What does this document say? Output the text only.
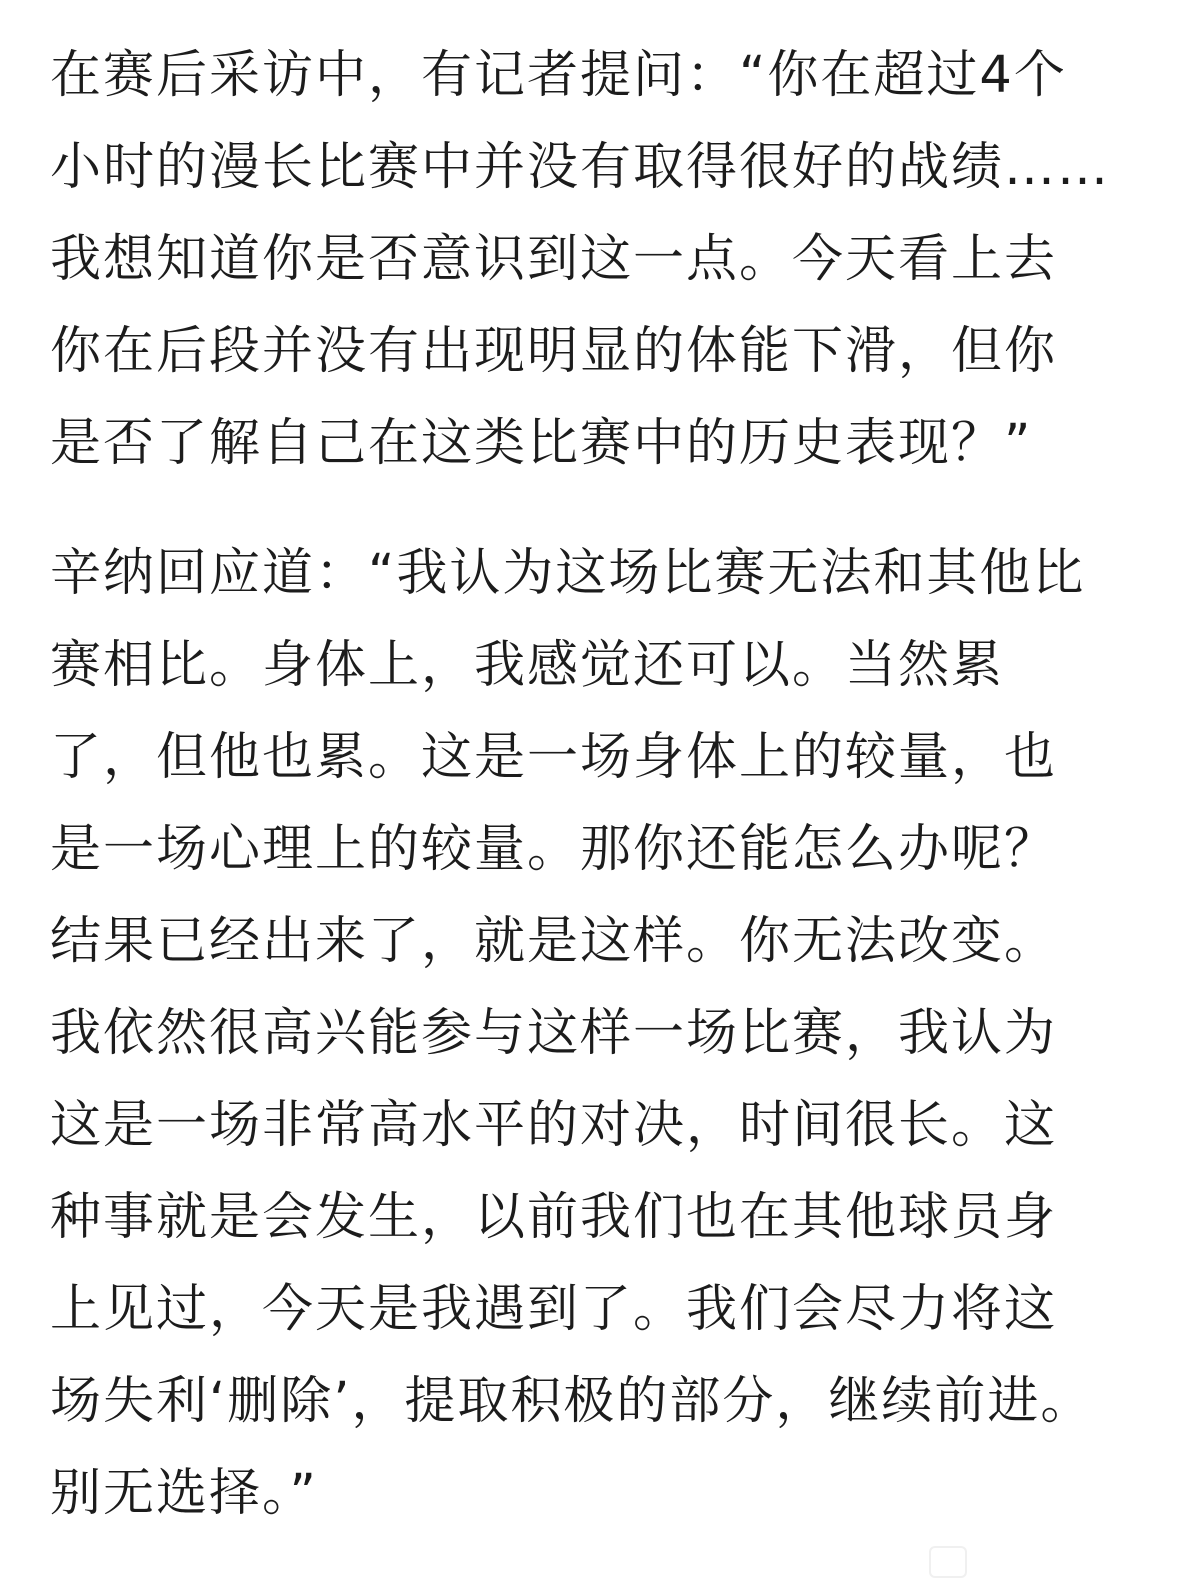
在赛后采访中，有记者提问：“你在超过4个
小时的漫长比赛中并没有取得很好的战绩……
我想知道你是否意识到这一点。今天看上去
你在后段并没有出现明显的体能下滑，但你
是否了解自己在这类比赛中的历史表现？”
辛纳回应道：“我认为这场比赛无法和其他比
赛相比。身体上，我感觉还可以。当然累
了，但他也累。这是一场身体上的较量，也
是一场心理上的较量。那你还能怎么办呢？
结果已经出来了，就是这样。你无法改变。
我依然很高兴能参与这样一场比赛，我认为
这是一场非常高水平的对决，时间很长。这
种事就是会发生，以前我们也在其他球员身
上见过，今天是我遇到了。我们会尽力将这
场失利‘删除’，提取积极的部分，继续前进。
别无选择。”
